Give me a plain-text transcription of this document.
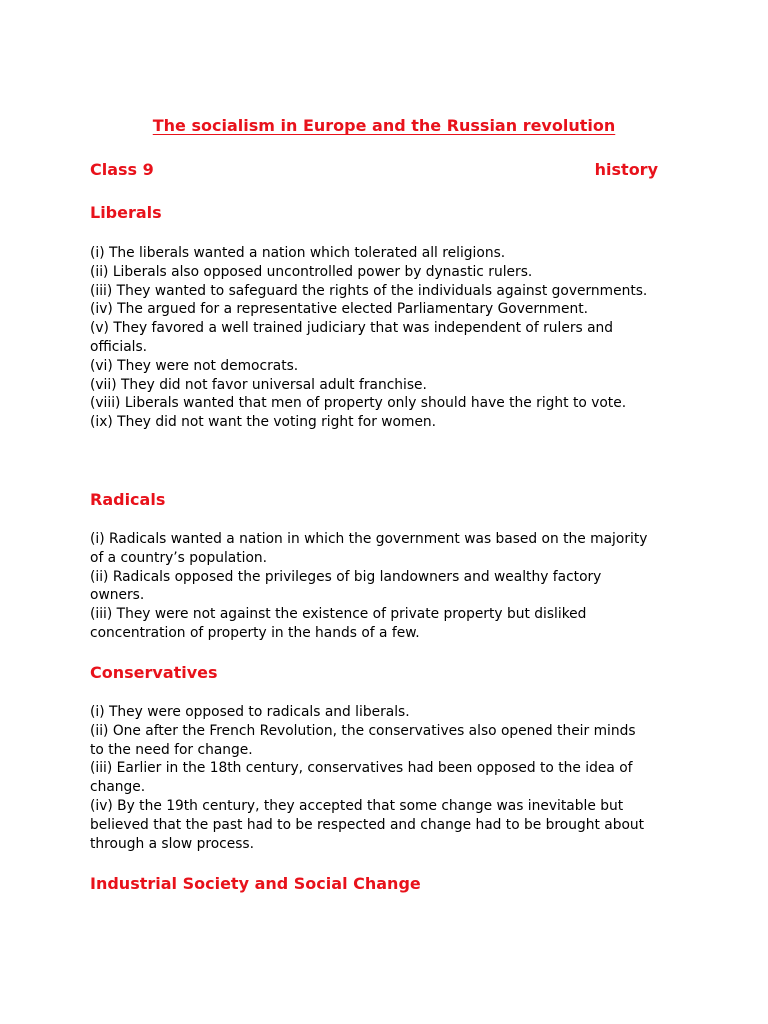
The socialism in Europe and the Russian revolution
Class 9	history
Liberals
(i) The liberals wanted a nation which tolerated all religions.
(ii) Liberals also opposed uncontrolled power by dynastic rulers.
(iii) They wanted to safeguard the rights of the individuals against governments.
(iv) The argued for a representative elected Parliamentary Government.
(v) They favored a well trained judiciary that was independent of rulers and officials.
(vi) They were not democrats.
(vii) They did not favor universal adult franchise.
(viii) Liberals wanted that men of property only should have the right to vote.
(ix) They did not want the voting right for women.
Radicals
(i) Radicals wanted a nation in which the government was based on the majority of a country’s population.
(ii) Radicals opposed the privileges of big landowners and wealthy factory owners.
(iii) They were not against the existence of private property but disliked concentration of property in the hands of a few.
Conservatives
(i) They were opposed to radicals and liberals.
(ii) One after the French Revolution, the conservatives also opened their minds to the need for change.
(iii) Earlier in the 18th century, conservatives had been opposed to the idea of change.
(iv) By the 19th century, they accepted that some change was inevitable but believed that the past had to be respected and change had to be brought about through a slow process.
Industrial Society and Social Change
